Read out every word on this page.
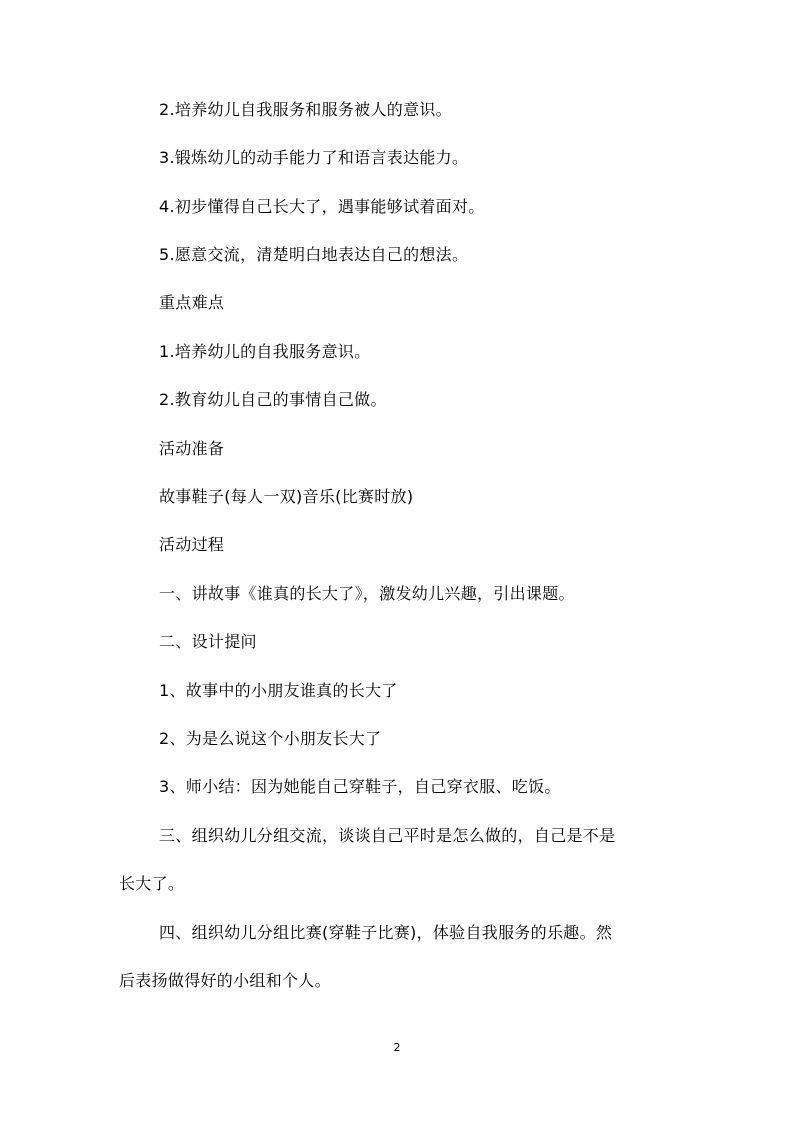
2.培养幼儿自我服务和服务被人的意识。
3.锻炼幼儿的动手能力了和语言表达能力。
4.初步懂得自己长大了，遇事能够试着面对。
5.愿意交流，清楚明白地表达自己的想法。
重点难点
1.培养幼儿的自我服务意识。
2.教育幼儿自己的事情自己做。
活动准备
故事鞋子(每人一双)音乐(比赛时放)
活动过程
一、讲故事《谁真的长大了》，激发幼儿兴趣，引出课题。
二、设计提问
1、故事中的小朋友谁真的长大了
2、为是么说这个小朋友长大了
3、师小结：因为她能自己穿鞋子，自己穿衣服、吃饭。
三、组织幼儿分组交流，谈谈自己平时是怎么做的，自己是不是
长大了。
四、组织幼儿分组比赛(穿鞋子比赛)，体验自我服务的乐趣。然
后表扬做得好的小组和个人。
2
